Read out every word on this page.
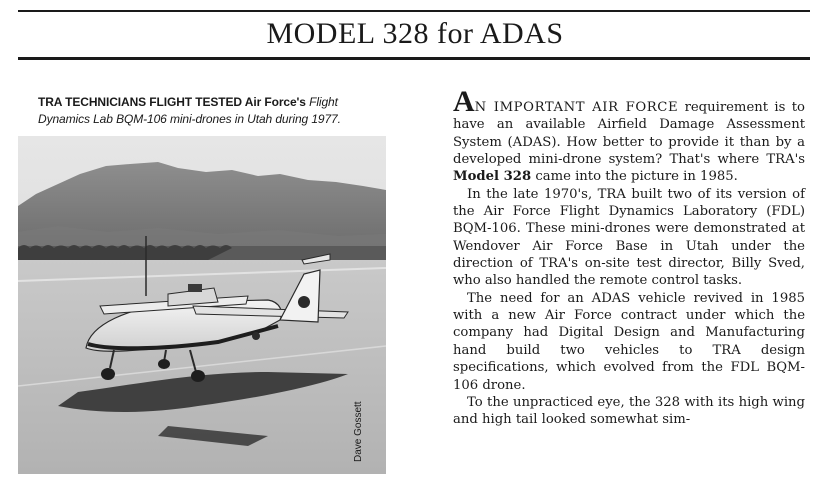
MODEL 328 for ADAS
TRA TECHNICIANS FLIGHT TESTED Air Force's Flight Dynamics Lab BQM-106 mini-drones in Utah during 1977.
Dave Gossett

AN IMPORTANT AIR FORCE requirement is to have an available Airfield Damage Assessment System (ADAS). How better to provide it than by a developed mini-drone system? That's where TRA's Model 328 came into the picture in 1985.

In the late 1970's, TRA built two of its version of the Air Force Flight Dynamics Laboratory (FDL) BQM-106. These mini-drones were demonstrated at Wendover Air Force Base in Utah under the direction of TRA's on-site test director, Billy Sved, who also handled the remote control tasks.

The need for an ADAS vehicle revived in 1985 with a new Air Force contract under which the company had Digital Design and Manufacturing hand build two vehicles to TRA design specifications, which evolved from the FDL BQM-106 drone.

To the unpracticed eye, the 328 with its high wing and high tail looked somewhat sim-
